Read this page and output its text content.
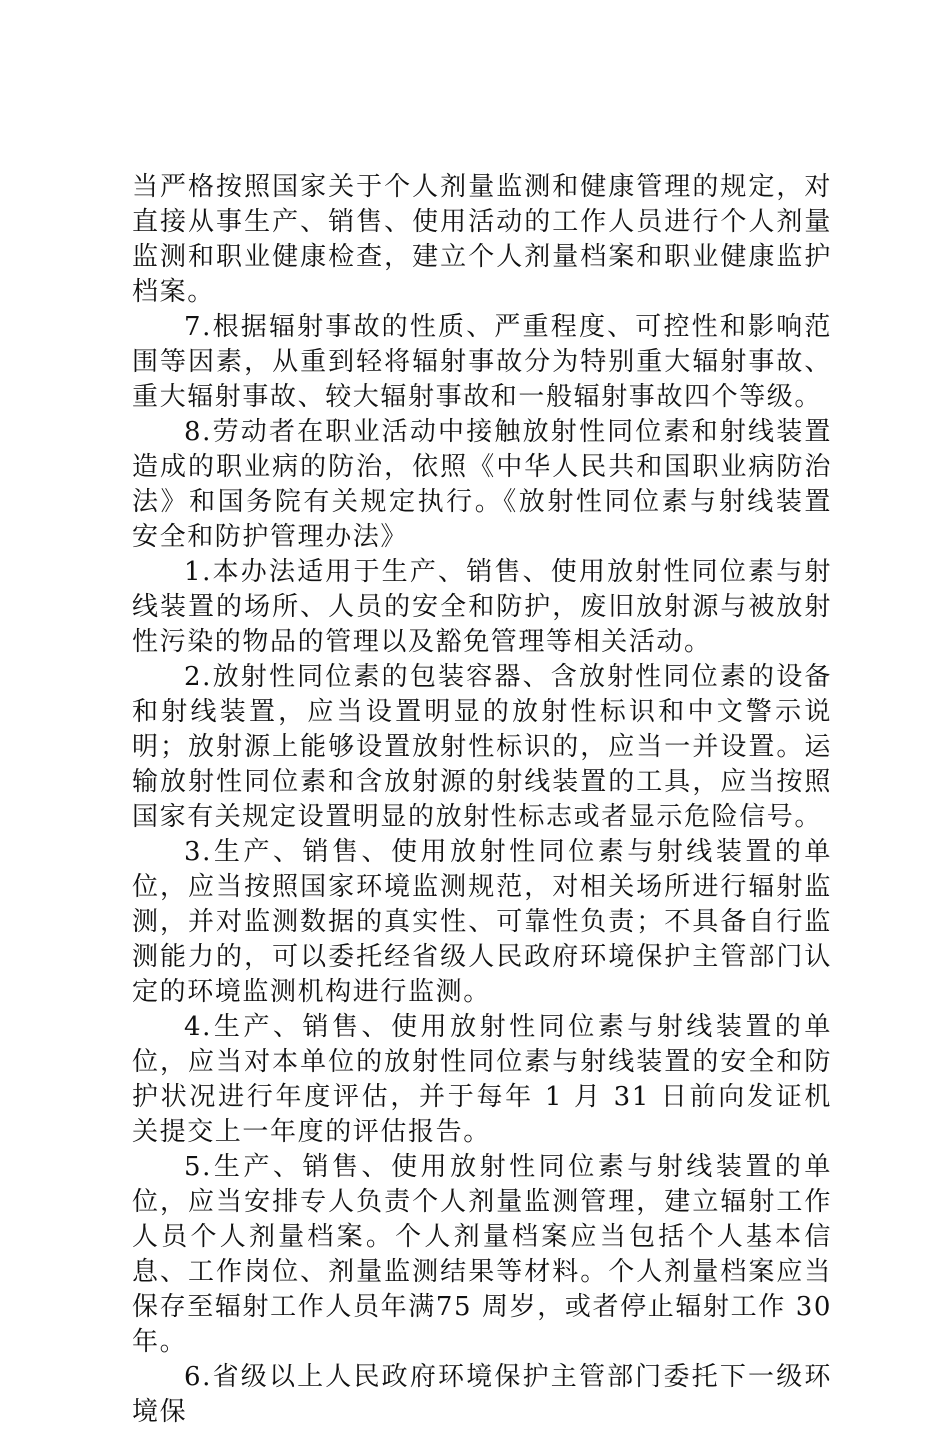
当严格按照国家关于个人剂量监测和健康管理的规定，对直接从事生产、销售、使用活动的工作人员进行个人剂量监测和职业健康检查，建立个人剂量档案和职业健康监护档案。

7.根据辐射事故的性质、严重程度、可控性和影响范围等因素，从重到轻将辐射事故分为特别重大辐射事故、重大辐射事故、较大辐射事故和一般辐射事故四个等级。

8.劳动者在职业活动中接触放射性同位素和射线装置造成的职业病的防治，依照《中华人民共和国职业病防治法》和国务院有关规定执行。《放射性同位素与射线装置安全和防护管理办法》

1.本办法适用于生产、销售、使用放射性同位素与射线装置的场所、人员的安全和防护，废旧放射源与被放射性污染的物品的管理以及豁免管理等相关活动。

2.放射性同位素的包装容器、含放射性同位素的设备和射线装置，应当设置明显的放射性标识和中文警示说明；放射源上能够设置放射性标识的，应当一并设置。运输放射性同位素和含放射源的射线装置的工具，应当按照国家有关规定设置明显的放射性标志或者显示危险信号。

3.生产、销售、使用放射性同位素与射线装置的单位，应当按照国家环境监测规范，对相关场所进行辐射监测，并对监测数据的真实性、可靠性负责；不具备自行监测能力的，可以委托经省级人民政府环境保护主管部门认定的环境监测机构进行监测。

4.生产、销售、使用放射性同位素与射线装置的单位，应当对本单位的放射性同位素与射线装置的安全和防护状况进行年度评估，并于每年 1 月 31 日前向发证机关提交上一年度的评估报告。

5.生产、销售、使用放射性同位素与射线装置的单位，应当安排专人负责个人剂量监测管理，建立辐射工作人员个人剂量档案。个人剂量档案应当包括个人基本信息、工作岗位、剂量监测结果等材料。个人剂量档案应当保存至辐射工作人员年满75 周岁，或者停止辐射工作 30 年。

6.省级以上人民政府环境保护主管部门委托下一级环境保
